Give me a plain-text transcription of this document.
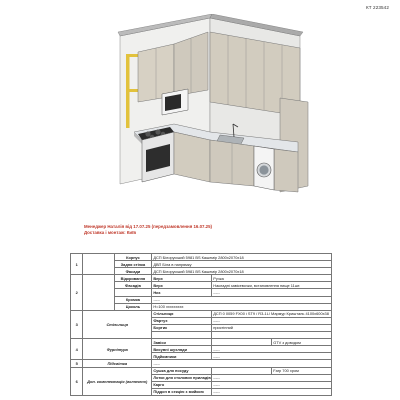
КТ 223542
Менеджер Наталія від 17.07.25 (передзамовлення 16.07.25)
Доставка і монтаж: Київ
1		Корпус	ДСП Білоруський 5981 BS Кашемір 2800х2070х18		
		Задня стінка	ДВП Біла в напрямку		
		Фасади	ДСП Білоруський 5981 BS Кашемір 2800х2070х18		
2		Відкривання	Верх	Ручка	
		Фасадів	Верх	Накладні завісевочки, встановлення нище 11шт.	
			Низ	-----	
		Кромка	-----		
		Цоколь	H=100 ххххххххх		
3	Стільниця		Стільниця	ДСП 0 0059 FX00 і ST9 / R3-1L/ Мармур Кришталь 4100х600х38	
			Фартух	-----	
			Бортик	пристінний	

4	Фурнітура		Завіси		GTV з доводом
			Висувні шухляди	-----	
			Підйомники	-----	
5	Підсвітка		-----		
6	Доп. комплектація (включено)		Сушка для посуду		Farp 700 хром
			Лотки для столових приладів	-----	
			Карго	-----	
			Піддон в секцію з мийкою	-----	
